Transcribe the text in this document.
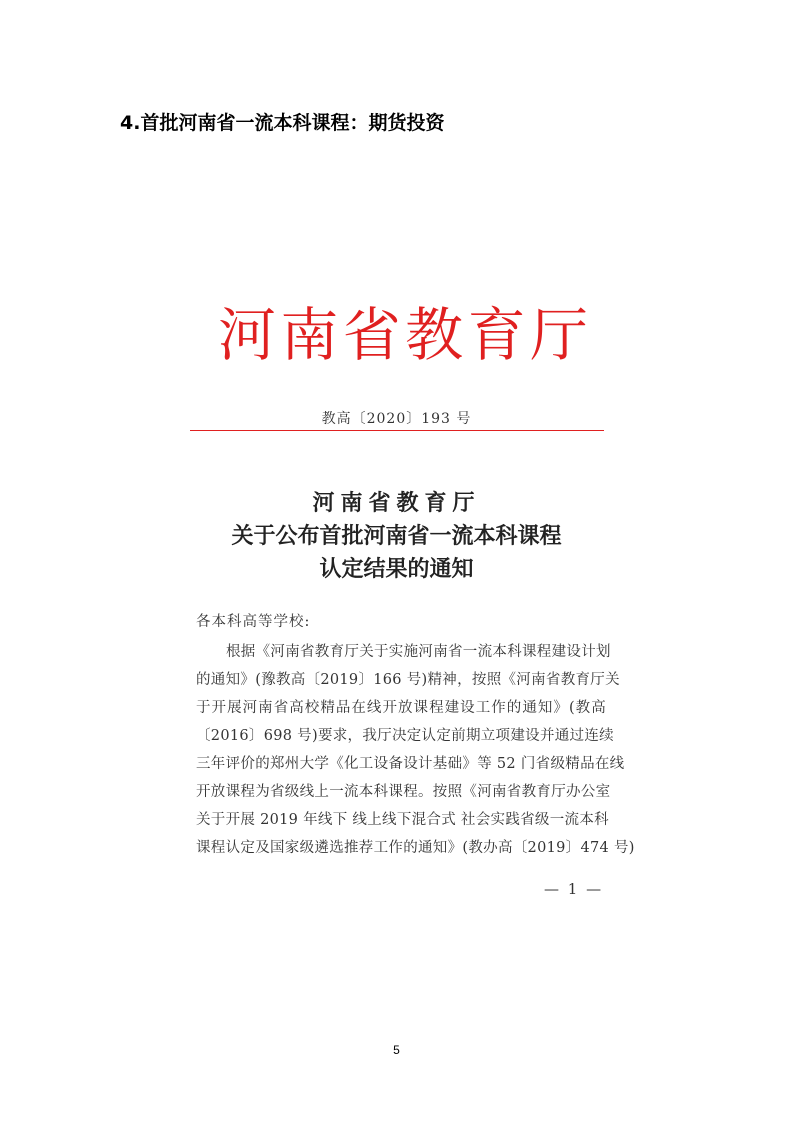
4.首批河南省一流本科课程：期货投资
河 南 省 教 育 厅
教高〔2020〕193 号
河南省教育厅
关于公布首批河南省一流本科课程
认定结果的通知
各本科高等学校:
根据《河南省教育厅关于实施河南省一流本科课程建设计划
的通知》(豫教高〔2019〕166 号)精神，按照《河南省教育厅关
于开展河南省高校精品在线开放课程建设工作的通知》(教高
〔2016〕698 号)要求，我厅决定认定前期立项建设并通过连续
三年评价的郑州大学《化工设备设计基础》等 52 门省级精品在线
开放课程为省级线上一流本科课程。按照《河南省教育厅办公室
关于开展 2019 年线下 线上线下混合式 社会实践省级一流本科
课程认定及国家级遴选推荐工作的通知》(教办高〔2019〕474 号)
— 1 —
5
